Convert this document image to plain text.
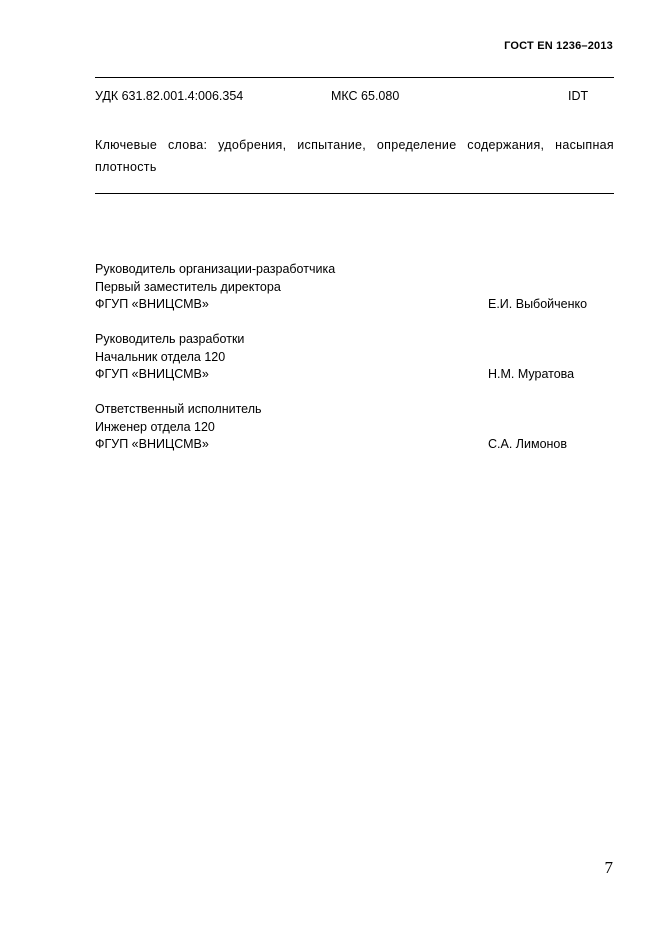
ГОСТ EN 1236–2013
УДК 631.82.001.4:006.354	МКС 65.080	IDT
Ключевые слова: удобрения, испытание, определение содержания, насыпная плотность
Руководитель организации-разработчика
Первый заместитель директора
ФГУП «ВНИЦСМВ»	Е.И. Выбойченко
Руководитель разработки
Начальник отдела 120
ФГУП «ВНИЦСМВ»	Н.М. Муратова
Ответственный исполнитель
Инженер отдела 120
ФГУП «ВНИЦСМВ»	С.А. Лимонов
7
